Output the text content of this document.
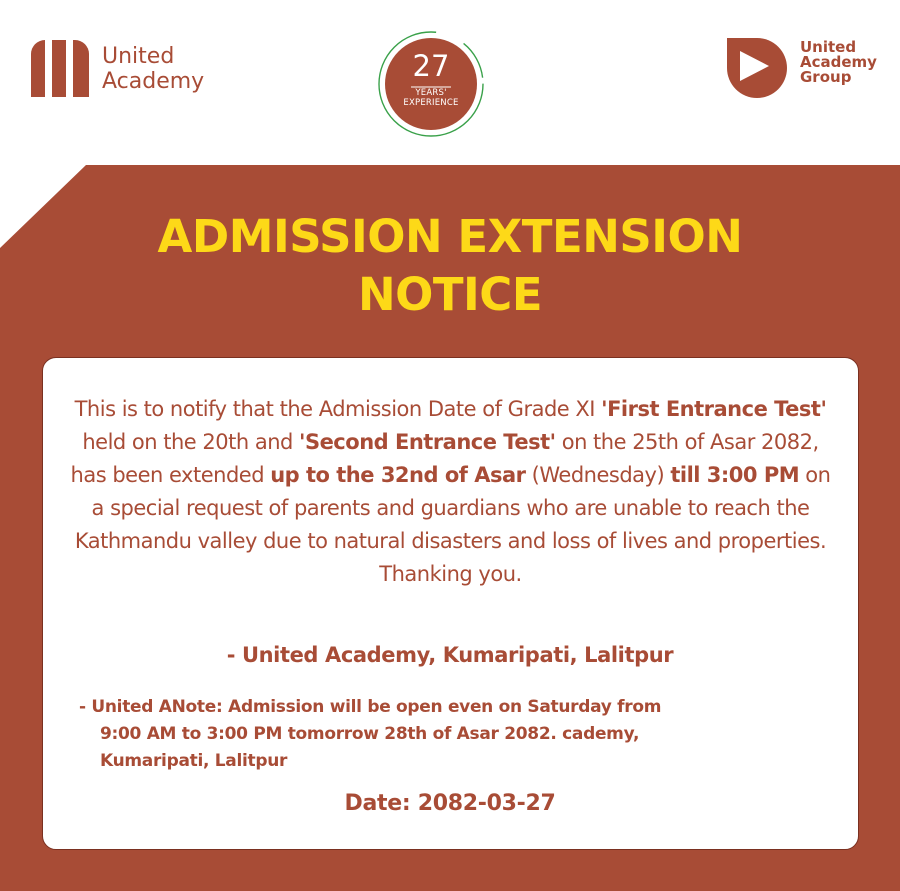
United
Academy	27
YEARS'
EXPERIENCE
United
Academy
Group
ADMISSION EXTENSION
NOTICE

This is to notify that the Admission Date of Grade XI 'First Entrance Test' held on the 20th and 'Second Entrance Test' on the 25th of Asar 2082, has been extended up to the 32nd of Asar (Wednesday) till 3:00 PM on a special request of parents and guardians who are unable to reach the Kathmandu valley due to natural disasters and loss of lives and properties. Thanking you.

- United Academy, Kumaripati, Lalitpur
- United ANote: Admission will be open even on Saturday from
9:00 AM to 3:00 PM tomorrow 28th of Asar 2082. cademy,
Kumaripati, Lalitpur
Date: 2082-03-27
